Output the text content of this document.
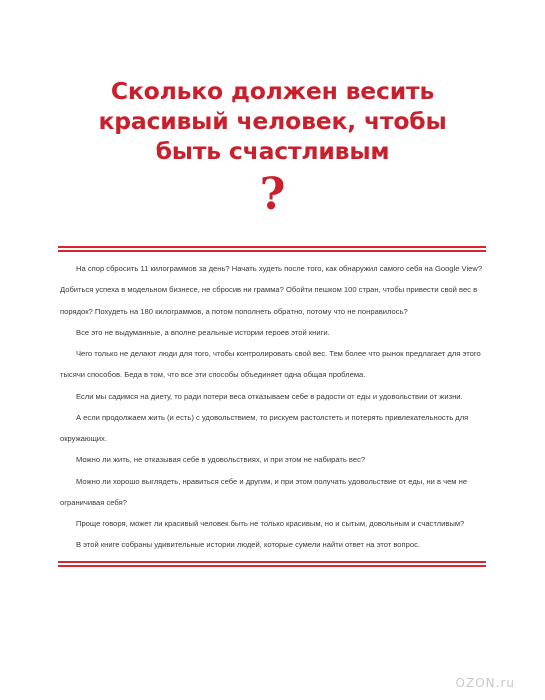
Сколько должен весить
красивый человек, чтобы
быть счастливым
?

На спор сбросить 11 килограммов за день? Начать худеть после того, как обнаружил самого себя на Google View? Добиться успеха в модельном бизнесе, не сбросив ни грамма? Обойти пешком 100 стран, чтобы привести свой вес в порядок? Похудеть на 180 килограммов, а потом пополнеть обратно, потому что не понравилось?

Все это не выдуманные, а вполне реальные истории героев этой книги.

Чего только не делают люди для того, чтобы контролировать свой вес. Тем более что рынок предлагает для этого тысячи способов. Беда в том, что все эти способы объединяет одна общая проблема.

Если мы садимся на диету, то ради потери веса отказываем себе в радости от еды и удовольствии от жизни.

А если продолжаем жить (и есть) с удовольствием, то рискуем растолстеть и потерять привлекательность для окружающих.

Можно ли жить, не отказывая себе в удовольствиях, и при этом не набирать вес?

Можно ли хорошо выглядеть, нравиться себе и другим, и при этом получать удовольствие от еды, ни в чем не ограничивая себя?

Проще говоря, может ли красивый человек быть не только красивым, но и сытым, довольным и счастливым?

В этой книге собраны удивительные истории людей, которые сумели найти ответ на этот вопрос.

OZON.ru
